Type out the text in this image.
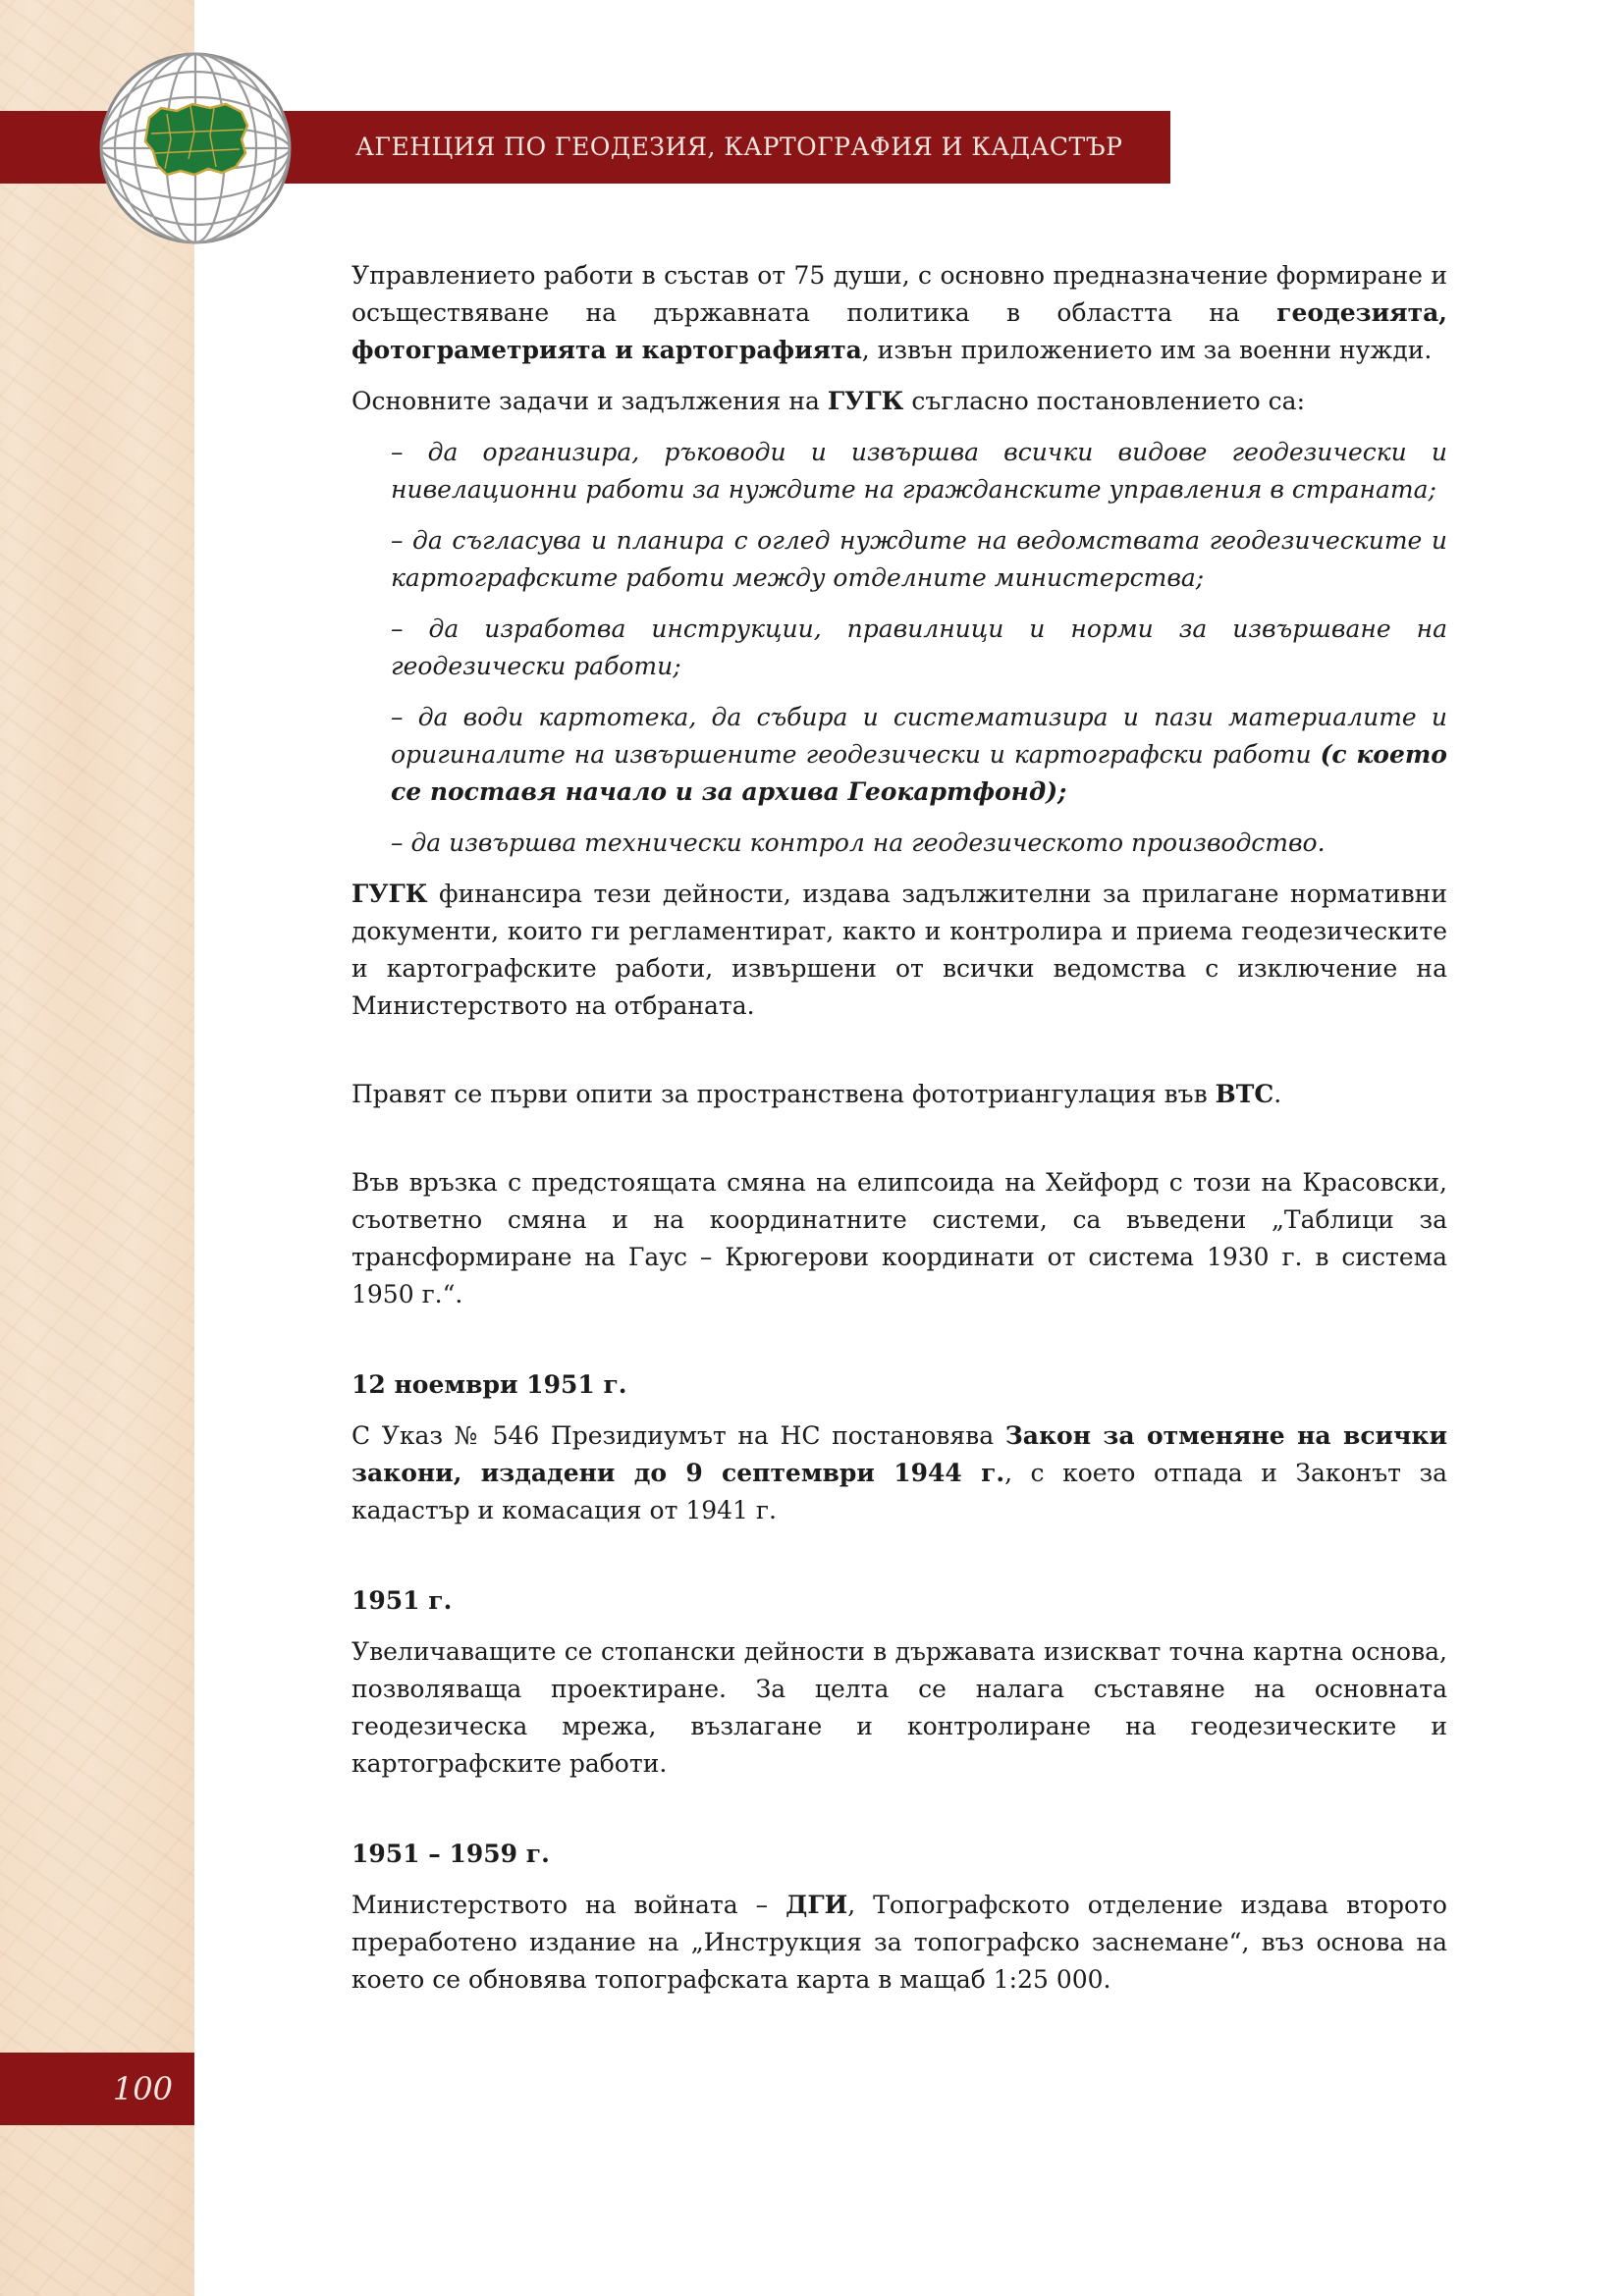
АГЕНЦИЯ ПО ГЕОДЕЗИЯ, КАРТОГРАФИЯ И КАДАСТЪР
100

Управлението работи в състав от 75 души, с основно предназначение формиране и осъществяване на държавната политика в областта на геодезията, фотограметрията и картографията, извън приложението им за военни нужди.

Основните задачи и задължения на ГУГК съгласно постановлението са:

– да организира, ръководи и извършва всички видове геодезически и нивелационни работи за нуждите на гражданските управления в страната;

– да съгласува и планира с оглед нуждите на ведомствата геодезическите и картографските работи между отделните министерства;

– да изработва инструкции, правилници и норми за извършване на геодезически работи;

– да води картотека, да събира и систематизира и пази материалите и оригиналите на извършените геодезически и картографски работи (с което се поставя начало и за архива Геокартфонд);

– да извършва технически контрол на геодезическото производство.

ГУГК финансира тези дейности, издава задължителни за прилагане нормативни документи, които ги регламентират, както и контролира и приема геодезическите и картографските работи, извършени от всички ведомства с изключение на Министерството на отбраната.

Правят се първи опити за пространствена фототриангулация във ВТС.

Във връзка с предстоящата смяна на елипсоида на Хейфорд с този на Красовски, съответно смяна и на координатните системи, са въведени „Таблици за трансформиране на Гаус – Крюгерови координати от система 1930 г. в система 1950 г.“.

12 ноември 1951 г.

С Указ № 546 Президиумът на НС постановява Закон за отменяне на всички закони, издадени до 9 септември 1944 г., с което отпада и Законът за кадастър и комасация от 1941 г.

1951 г.

Увеличаващите се стопански дейности в държавата изискват точна картна основа, позволяваща проектиране. За целта се налага съставяне на основната геодезическа мрежа, възлагане и контролиране на геодезическите и картографските работи.

1951 – 1959 г.

Министерството на войната – ДГИ, Топографското отделение издава второто преработено издание на „Инструкция за топографско заснемане“, въз основа на което се обновява топографската карта в мащаб 1:25 000.
